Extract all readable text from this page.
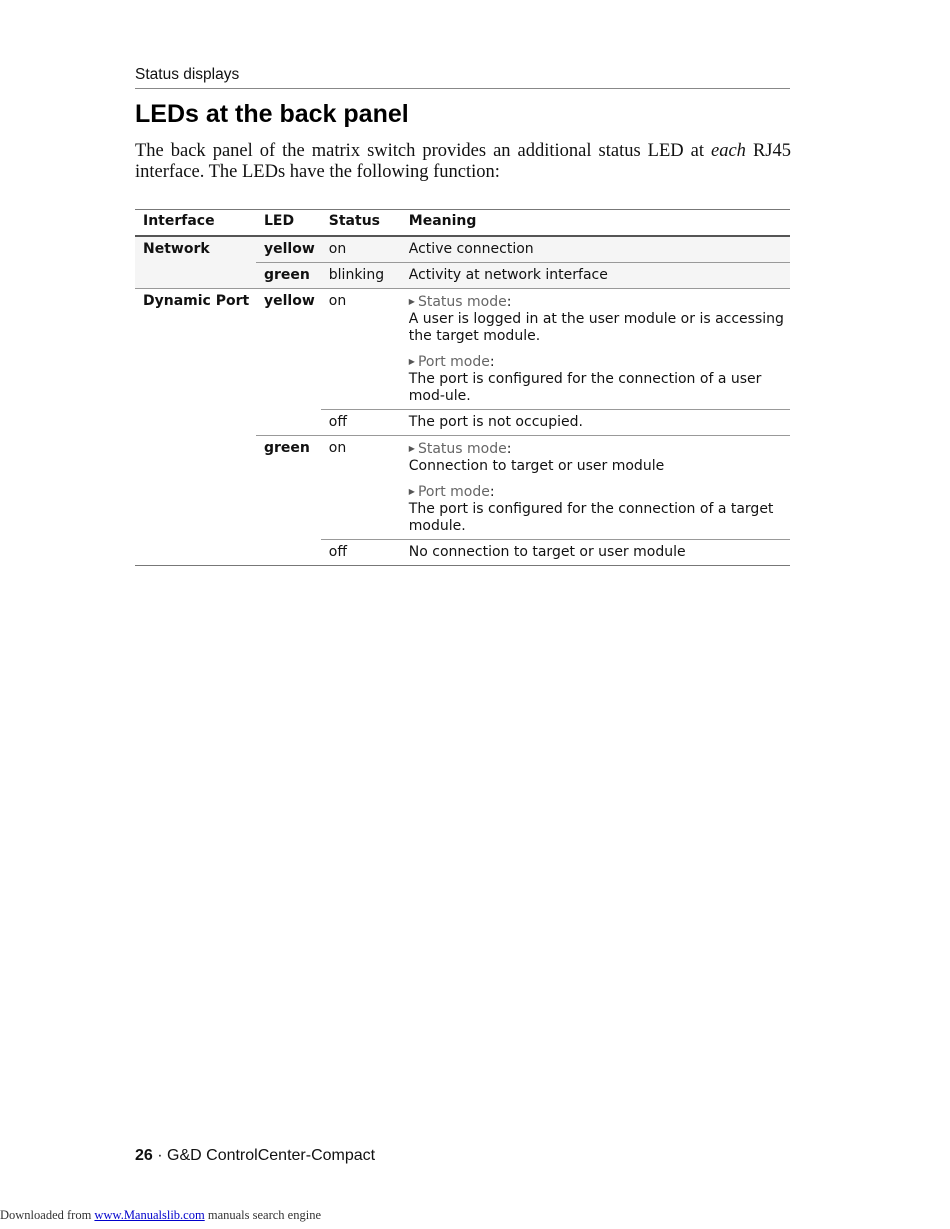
Status displays
LEDs at the back panel

The back panel of the matrix switch provides an additional status LED at each RJ45 interface. The LEDs have the following function:

Interface	LED	Status	Meaning
Network	yellow	on	Active connection
	green	blinking	Activity at network interface
Dynamic Port	yellow	on	▶ Status mode:
A user is logged in at the user module or is accessing the target module.
▶ Port mode:
The port is configured for the connection of a user mod-ule.

		off	The port is not occupied.
	green	on	▶ Status mode:
Connection to target or user module
▶ Port mode:
The port is configured for the connection of a target module.

		off	No connection to target or user module
26 · G&D ControlCenter-Compact
Downloaded from www.Manualslib.com manuals search engine
